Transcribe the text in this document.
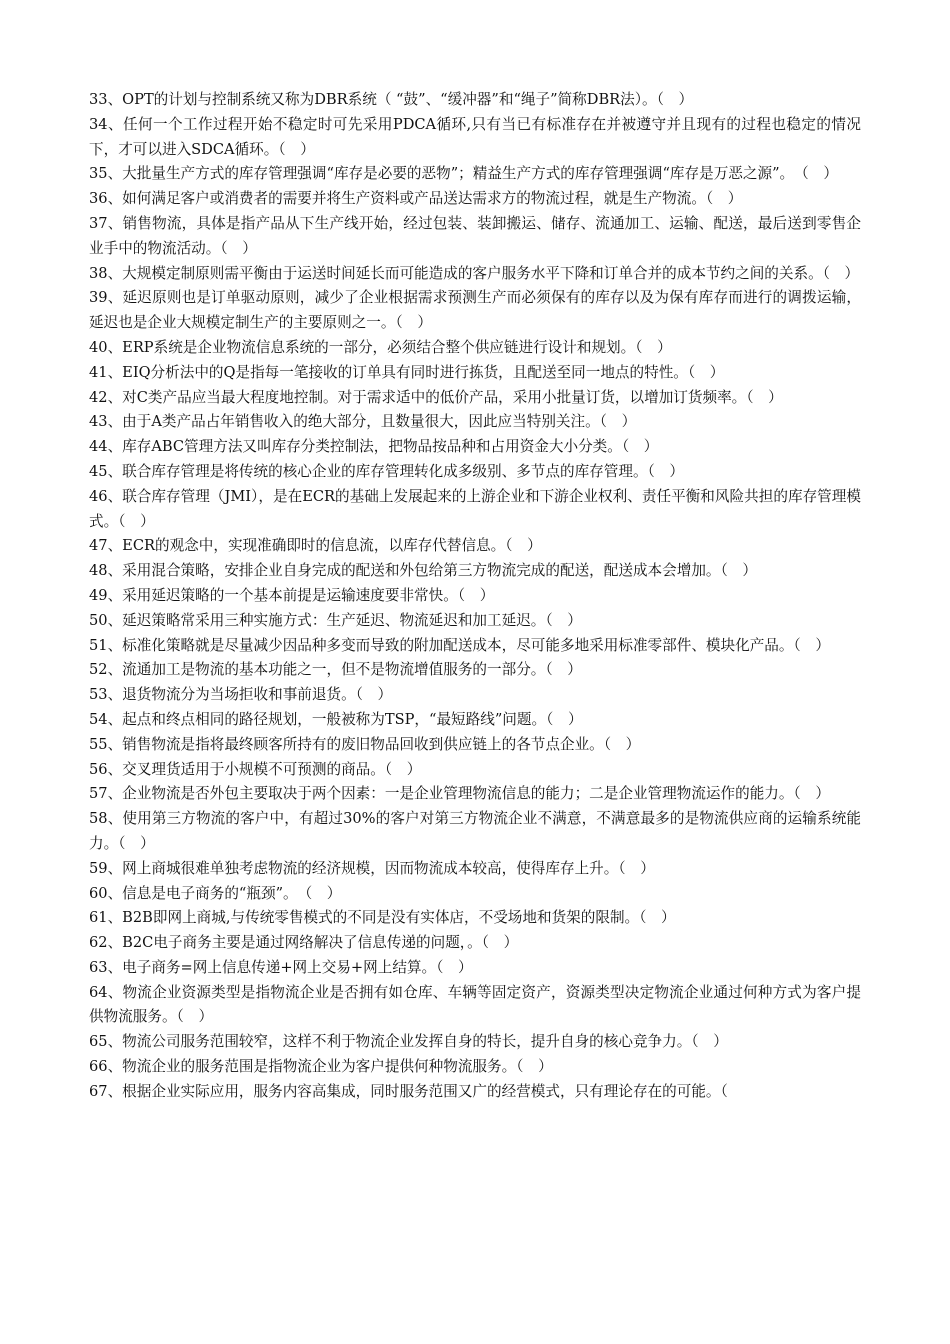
33、OPT的计划与控制系统又称为DBR系统（ “鼓”、“缓冲器”和“绳子”简称DBR法）。（　）

34、任何一个工作过程开始不稳定时可先采用PDCA循环,只有当已有标准存在并被遵守并且现有的过程也稳定的情况下，才可以进入SDCA循环。（　）

35、大批量生产方式的库存管理强调“库存是必要的恶物”；精益生产方式的库存管理强调“库存是万恶之源”。　（　）

36、如何满足客户或消费者的需要并将生产资料或产品送达需求方的物流过程，就是生产物流。（　）

37、销售物流，具体是指产品从下生产线开始，经过包装、装卸搬运、储存、流通加工、运输、配送，最后送到零售企业手中的物流活动。（　）

38、大规模定制原则需平衡由于运送时间延长而可能造成的客户服务水平下降和订单合并的成本节约之间的关系。（　）

39、延迟原则也是订单驱动原则，减少了企业根据需求预测生产而必须保有的库存以及为保有库存而进行的调拨运输，延迟也是企业大规模定制生产的主要原则之一。（　）

40、ERP系统是企业物流信息系统的一部分，必须结合整个供应链进行设计和规划。（　）

41、EIQ分析法中的Q是指每一笔接收的订单具有同时进行拣货，且配送至同一地点的特性。（　）

42、对C类产品应当最大程度地控制。对于需求适中的低价产品，采用小批量订货，以增加订货频率。（　）

43、由于A类产品占年销售收入的绝大部分，且数量很大，因此应当特别关注。（　）

44、库存ABC管理方法又叫库存分类控制法，把物品按品种和占用资金大小分类。（　）

45、联合库存管理是将传统的核心企业的库存管理转化成多级别、多节点的库存管理。（　）

46、联合库存管理（JMI），是在ECR的基础上发展起来的上游企业和下游企业权利、责任平衡和风险共担的库存管理模式。（　）

47、ECR的观念中，实现准确即时的信息流，以库存代替信息。（　）

48、采用混合策略，安排企业自身完成的配送和外包给第三方物流完成的配送，配送成本会增加。（　）

49、采用延迟策略的一个基本前提是运输速度要非常快。（　）

50、延迟策略常采用三种实施方式：生产延迟、物流延迟和加工延迟。（　）

51、标准化策略就是尽量减少因品种多变而导致的附加配送成本，尽可能多地采用标准零部件、模块化产品。（　）

52、流通加工是物流的基本功能之一，但不是物流增值服务的一部分。（　）

53、退货物流分为当场拒收和事前退货。（　）

54、起点和终点相同的路径规划，一般被称为TSP，“最短路线”问题。（　）

55、销售物流是指将最终顾客所持有的废旧物品回收到供应链上的各节点企业。（　）

56、交叉理货适用于小规模不可预测的商品。（　）

57、企业物流是否外包主要取决于两个因素：一是企业管理物流信息的能力；二是企业管理物流运作的能力。（　）

58、使用第三方物流的客户中，有超过30%的客户对第三方物流企业不满意，不满意最多的是物流供应商的运输系统能力。（　）

59、网上商城很难单独考虑物流的经济规模，因而物流成本较高，使得库存上升。（　）

60、信息是电子商务的“瓶颈”。　（　）

61、B2B即网上商城,与传统零售模式的不同是没有实体店，不受场地和货架的限制。（　）

62、B2C电子商务主要是通过网络解决了信息传递的问题，。（　）

63、电子商务=网上信息传递+网上交易+网上结算。（　）

64、物流企业资源类型是指物流企业是否拥有如仓库、车辆等固定资产，资源类型决定物流企业通过何种方式为客户提供物流服务。（　）

65、物流公司服务范围较窄，这样不利于物流企业发挥自身的特长，提升自身的核心竞争力。（　）

66、物流企业的服务范围是指物流企业为客户提供何种物流服务。（　）

67、根据企业实际应用，服务内容高集成，同时服务范围又广的经营模式，只有理论存在的可能。（
